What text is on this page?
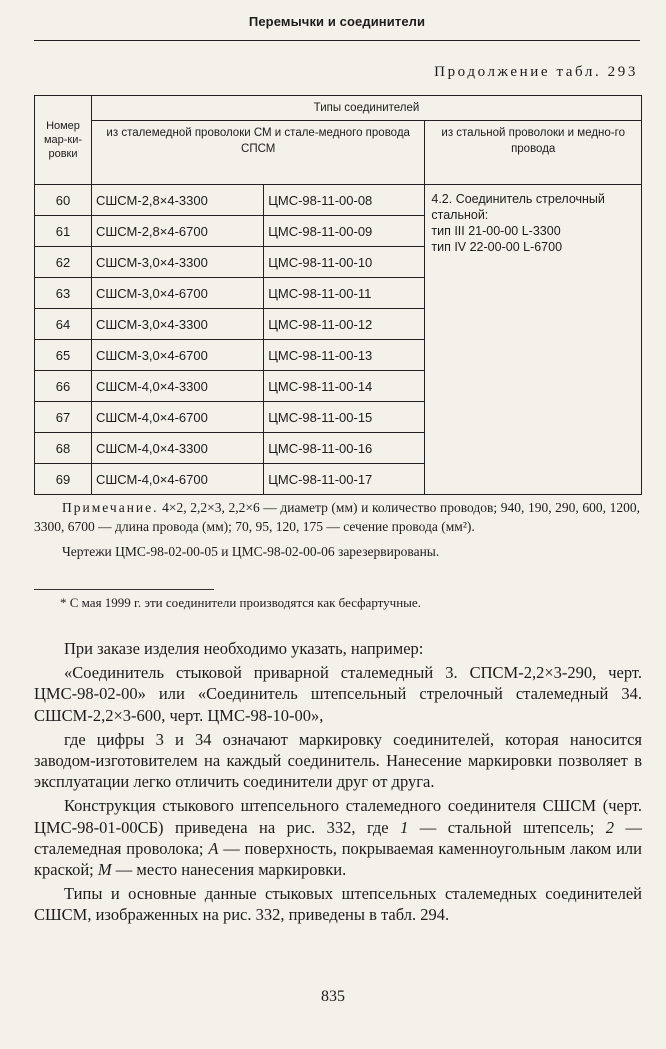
Перемычки и соединители
Продолжение табл. 293
Номер мар-ки-ровки	Типы соединителей		
	из сталемедной проволоки СМ и стале-медного провода СПСМ		из стальной проволоки и медно-го провода
60	СШСМ-2,8×4-3300	ЦМС-98-11-00-08	4.2. Соединитель стрелочный стальной:
тип III 21-00-00 L-3300
тип IV 22-00-00 L-6700

61	СШСМ-2,8×4-6700	ЦМС-98-11-00-09	
62	СШСМ-3,0×4-3300	ЦМС-98-11-00-10	
63	СШСМ-3,0×4-6700	ЦМС-98-11-00-11	
64	СШСМ-3,0×4-3300	ЦМС-98-11-00-12	
65	СШСМ-3,0×4-6700	ЦМС-98-11-00-13	
66	СШСМ-4,0×4-3300	ЦМС-98-11-00-14	
67	СШСМ-4,0×4-6700	ЦМС-98-11-00-15	
68	СШСМ-4,0×4-3300	ЦМС-98-11-00-16	
69	СШСМ-4,0×4-6700	ЦМС-98-11-00-17	

Примечание. 4×2, 2,2×3, 2,2×6 — диаметр (мм) и количество проводов; 940, 190, 290, 600, 1200, 3300, 6700 — длина провода (мм); 70, 95, 120, 175 — сечение провода (мм²).

Чертежи ЦМС-98-02-00-05 и ЦМС-98-02-00-06 зарезервированы.

* С мая 1999 г. эти соединители производятся как бесфартучные.

При заказе изделия необходимо указать, например:

«Соединитель стыковой приварной сталемедный 3. СПСМ-2,2×3-290, черт. ЦМС-98-02-00» или «Соединитель штепсельный стрелочный сталемедный 34. СШСМ-2,2×3-600, черт. ЦМС-98-10-00»,

где цифры 3 и 34 означают маркировку соединителей, которая наносится заводом-изготовителем на каждый соединитель. Нанесение маркировки позволяет в эксплуатации легко отличить соединители друг от друга.

Конструкция стыкового штепсельного сталемедного соединителя СШСМ (черт. ЦМС-98-01-00СБ) приведена на рис. 332, где 1 — стальной штепсель; 2 — сталемедная проволока; А — поверхность, покрываемая каменноугольным лаком или краской; М — место нанесения маркировки.

Типы и основные данные стыковых штепсельных сталемедных соединителей СШСМ, изображенных на рис. 332, приведены в табл. 294.

835
